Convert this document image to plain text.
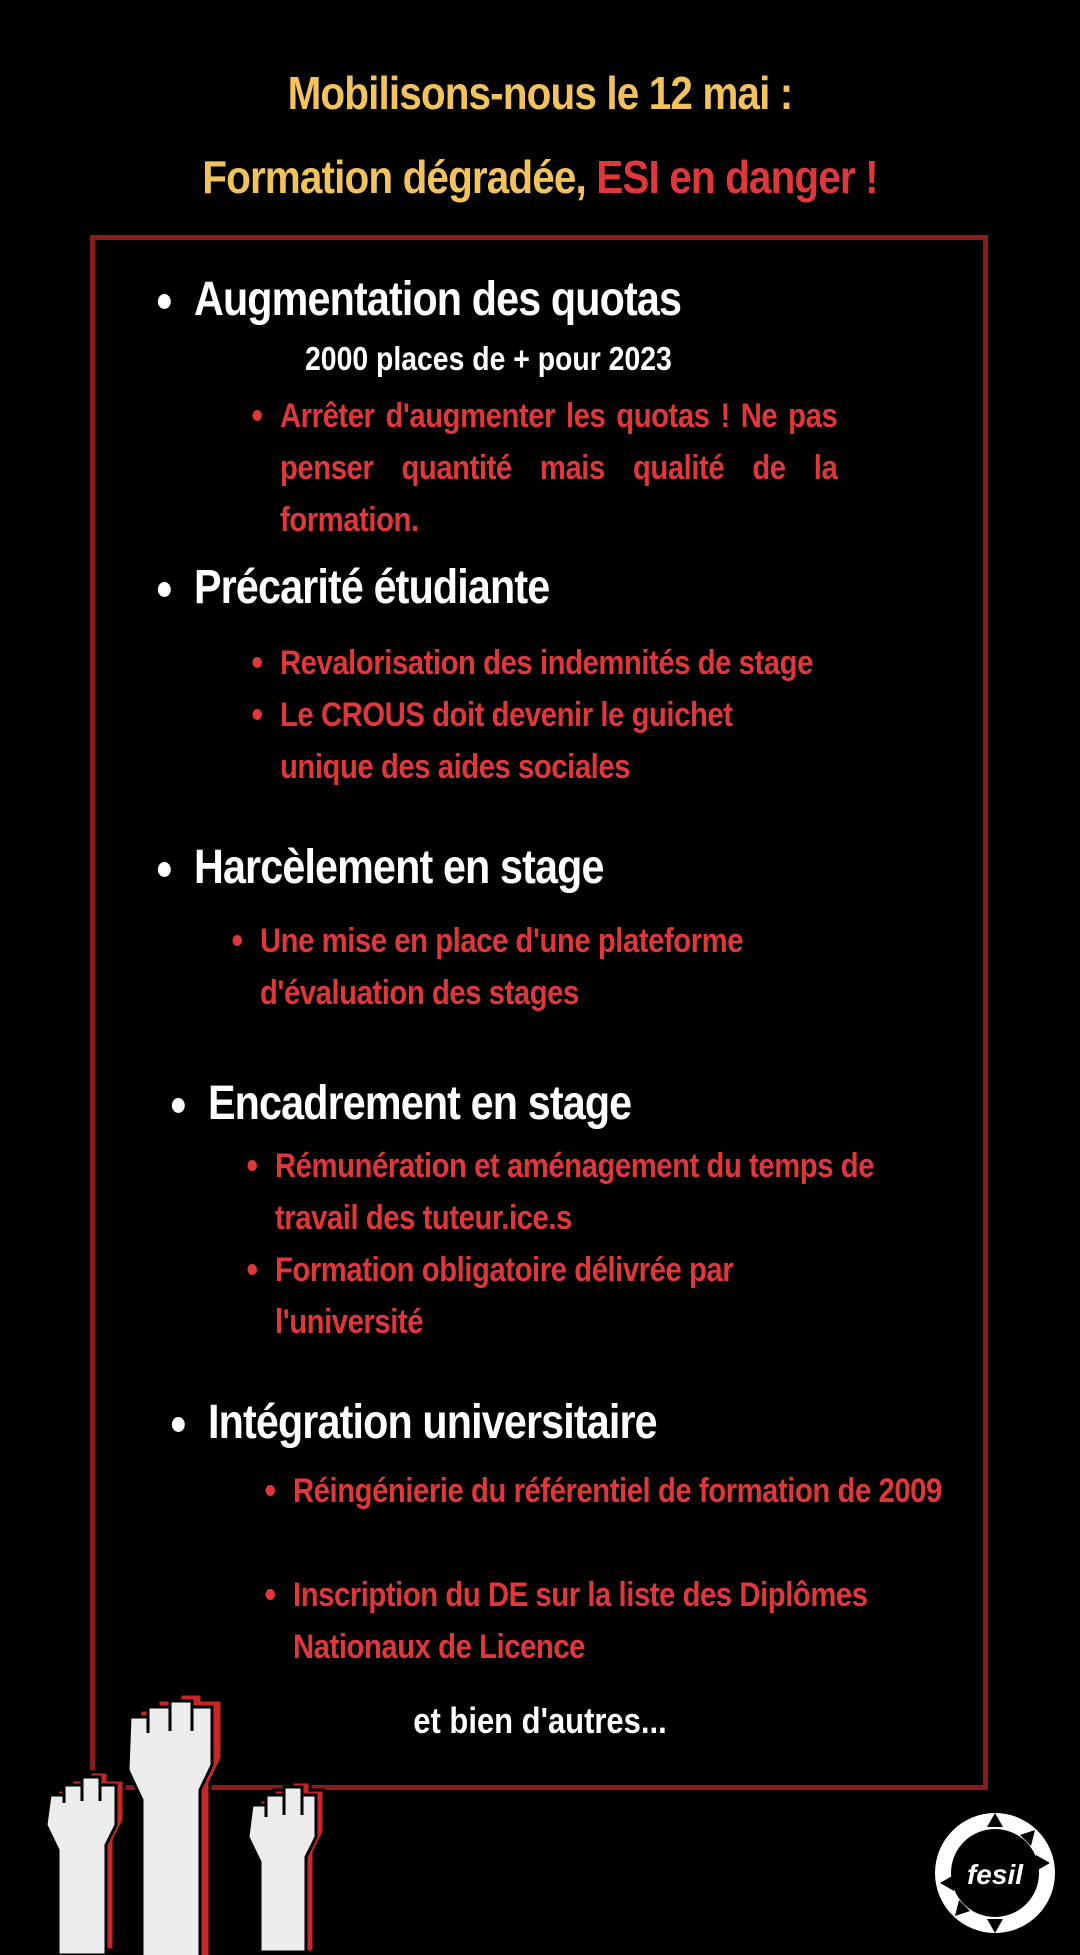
Mobilisons-nous le 12 mai :
Formation dégradée, ESI en danger !
Augmentation des quotas
2000 places de + pour 2023
Arrêter d'augmenter les quotas ! Ne pas penser quantité mais qualité de la formation.
Précarité étudiante
Revalorisation des indemnités de stage
Le CROUS doit devenir le guichet unique des aides sociales
Harcèlement en stage
Une mise en place d'une plateforme d'évaluation des stages
Encadrement en stage
Rémunération et aménagement du temps de travail des tuteur.ice.s
Formation obligatoire délivrée par l'université
Intégration universitaire
Réingénierie du référentiel de formation de 2009
Inscription du DE sur la liste des Diplômes Nationaux de Licence
et bien d'autres...
fesil
